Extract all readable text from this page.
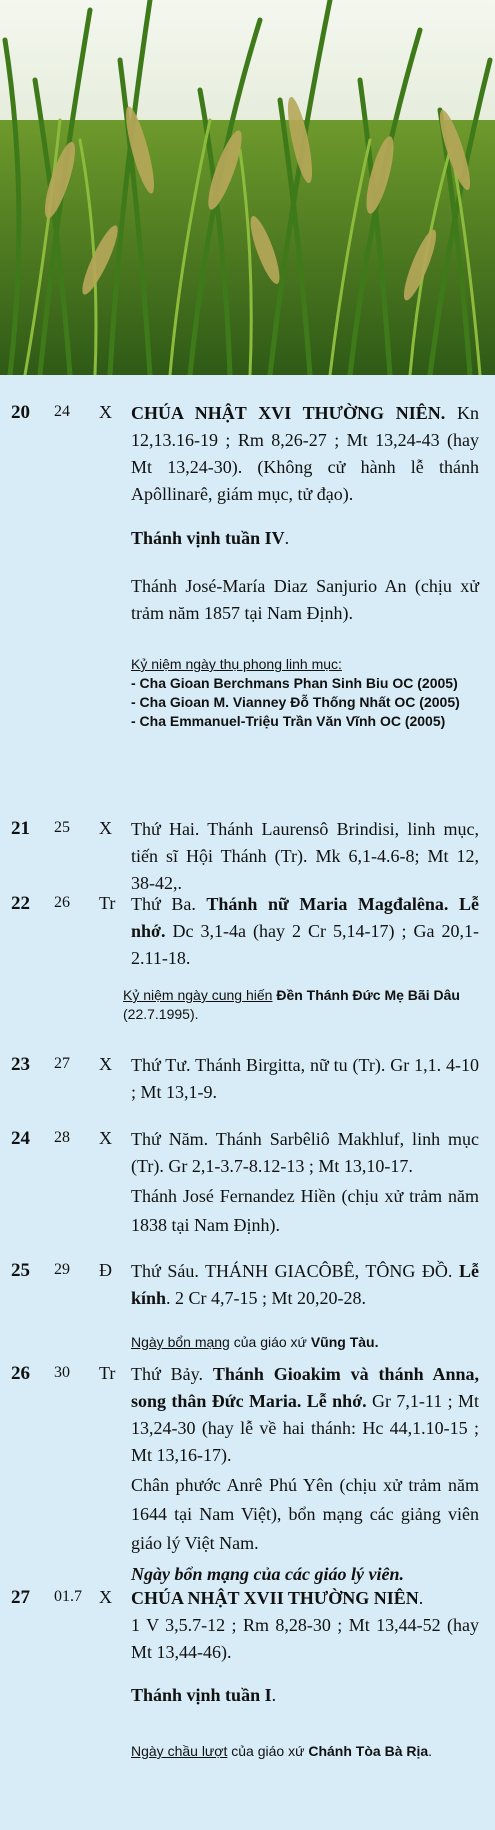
20 24 X CHÚA NHẬT XVI THƯỜNG NIÊN. Kn 12,13.16-19 ; Rm 8,26-27 ; Mt 13,24-43 (hay Mt 13,24-30). (Không cử hành lễ thánh Apôllinarê, giám mục, tử đạo).
Thánh vịnh tuần IV.
Thánh José-María Diaz Sanjurio An (chịu xử trảm năm 1857 tại Nam Định).
Kỷ niệm ngày thụ phong linh mục:
- Cha Gioan Berchmans Phan Sinh Biu OC (2005)
- Cha Gioan M. Vianney Đỗ Thống Nhất OC (2005)
- Cha Emmanuel-Triệu Trần Văn Vĩnh OC (2005)
21 25 X Thứ Hai. Thánh Laurensô Brindisi, linh mục, tiến sĩ Hội Thánh (Tr). Mk 6,1-4.6-8; Mt 12, 38-42,.
22 26 Tr Thứ Ba. Thánh nữ Maria Magđalêna. Lễ nhớ. Dc 3,1-4a (hay 2 Cr 5,14-17) ; Ga 20,1-2.11-18.
Kỷ niệm ngày cung hiến Đền Thánh Đức Mẹ Bãi Dâu (22.7.1995).
23 27 X Thứ Tư. Thánh Birgitta, nữ tu (Tr). Gr 1,1. 4-10 ; Mt 13,1-9.
24 28 X Thứ Năm. Thánh Sarbêliô Makhluf, linh mục (Tr). Gr 2,1-3.7-8.12-13 ; Mt 13,10-17.
Thánh José Fernandez Hiền (chịu xử trảm năm 1838 tại Nam Định).
25 29 Đ Thứ Sáu. THÁNH GIACÔBÊ, TÔNG ĐỒ. Lễ kính. 2 Cr 4,7-15 ; Mt 20,20-28.
Ngày bổn mạng của giáo xứ Vũng Tàu.
26 30 Tr Thứ Bảy. Thánh Gioakim và thánh Anna, song thân Đức Maria. Lễ nhớ. Gr 7,1-11 ; Mt 13,24-30 (hay lễ về hai thánh: Hc 44,1.10-15 ; Mt 13,16-17).
Chân phước Anrê Phú Yên (chịu xử trảm năm 1644 tại Nam Việt), bổn mạng các giảng viên giáo lý Việt Nam.
Ngày bổn mạng của các giáo lý viên.
27 01.7 X CHÚA NHẬT XVII THƯỜNG NIÊN.
1 V 3,5.7-12 ; Rm 8,28-30 ; Mt 13,44-52 (hay Mt 13,44-46).
Thánh vịnh tuần I.
Ngày chầu lượt của giáo xứ Chánh Tòa Bà Rịa.
